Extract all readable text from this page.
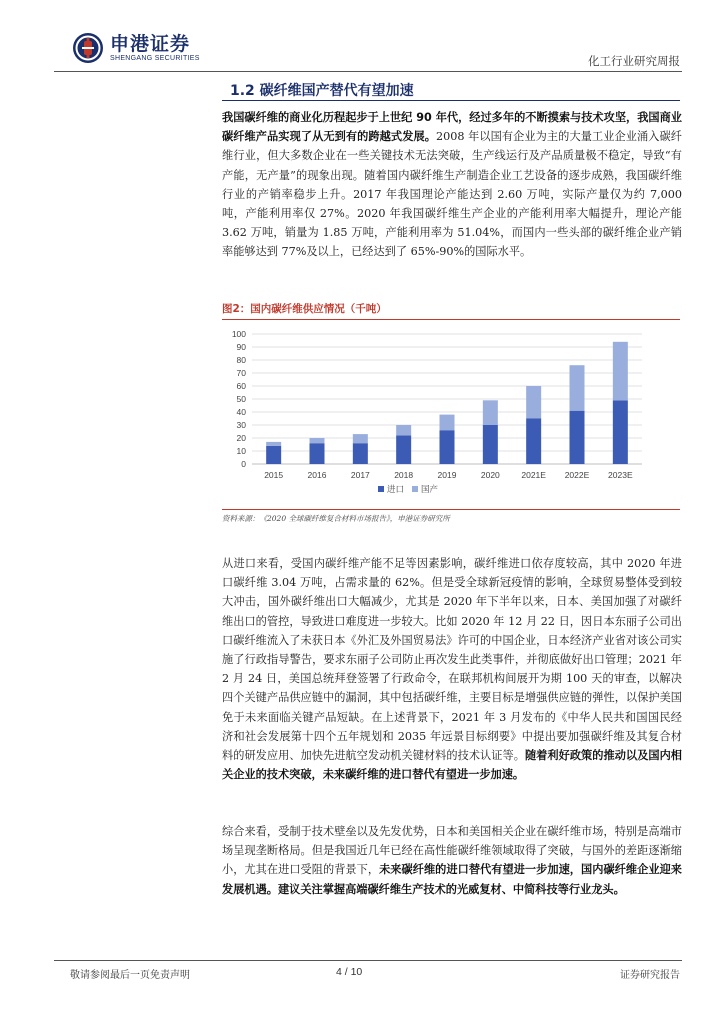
申港证券
SHENGANG SECURITIES	化工行业研究周报
1.2 碳纤维国产替代有望加速
我国碳纤维的商业化历程起步于上世纪 90 年代，经过多年的不断摸索与技术攻坚，我国商业碳纤维产品实现了从无到有的跨越式发展。2008 年以国有企业为主的大量工业企业涌入碳纤维行业，但大多数企业在一些关键技术无法突破，生产线运行及产品质量极不稳定，导致“有产能，无产量”的现象出现。随着国内碳纤维生产制造企业工艺设备的逐步成熟，我国碳纤维行业的产销率稳步上升。2017 年我国理论产能达到 2.60 万吨，实际产量仅为约 7,000 吨，产能利用率仅 27%。2020 年我国碳纤维生产企业的产能利用率大幅提升，理论产能 3.62 万吨，销量为 1.85 万吨，产能利用率为 51.04%，而国内一些头部的碳纤维企业产销率能够达到 77%及以上，已经达到了 65%-90%的国际水平。
图2：国内碳纤维供应情况（千吨）
0
10
20
30
40
50
60
70
80
90
100
2015	2016	2017	2018	2019	2020	2021E 2022E 2023E
进口 国产
资料来源：《2020 全球碳纤维复合材料市场报告》，申港证券研究所
从进口来看，受国内碳纤维产能不足等因素影响，碳纤维进口依存度较高，其中 2020 年进口碳纤维 3.04 万吨，占需求量的 62%。但是受全球新冠疫情的影响，全球贸易整体受到较大冲击，国外碳纤维出口大幅减少，尤其是 2020 年下半年以来，日本、美国加强了对碳纤维出口的管控，导致进口难度进一步较大。比如 2020 年 12 月 22 日，因日本东丽子公司出口碳纤维流入了未获日本《外汇及外国贸易法》许可的中国企业，日本经济产业省对该公司实施了行政指导警告，要求东丽子公司防止再次发生此类事件，并彻底做好出口管理；2021 年 2 月 24 日，美国总统拜登签署了行政命令，在联邦机构间展开为期 100 天的审查，以解决四个关键产品供应链中的漏洞，其中包括碳纤维，主要目标是增强供应链的弹性，以保护美国免于未来面临关键产品短缺。在上述背景下，2021 年 3 月发布的《中华人民共和国国民经济和社会发展第十四个五年规划和 2035 年远景目标纲要》中提出要加强碳纤维及其复合材料的研发应用、加快先进航空发动机关键材料的技术认证等。随着利好政策的推动以及国内相关企业的技术突破，未来碳纤维的进口替代有望进一步加速。
综合来看，受制于技术壁垒以及先发优势，日本和美国相关企业在碳纤维市场，特别是高端市场呈现垄断格局。但是我国近几年已经在高性能碳纤维领域取得了突破，与国外的差距逐渐缩小，尤其在进口受阻的背景下，未来碳纤维的进口替代有望进一步加速，国内碳纤维企业迎来发展机遇。建议关注掌握高端碳纤维生产技术的光威复材、中简科技等行业龙头。
敬请参阅最后一页免责声明	4 / 10	证券研究报告
